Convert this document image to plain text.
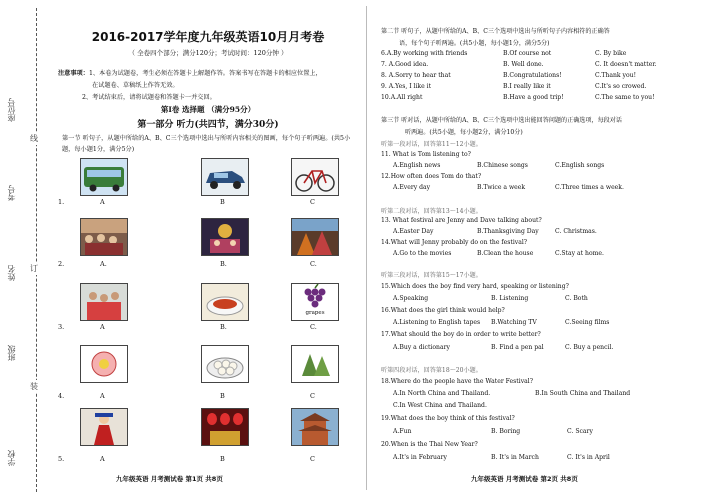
座位号
考号
姓名
班级
学校
线
订
装
2016-2017学年度九年级英语10月月考卷
（ 全卷四个部分；满分120分；考试时间：120分钟 ）
注意事项：1、本卷为试题卷，考生必须在答题卡上解题作答。答案书写在答题卡的相应位置上，
在试题卷、草稿纸上作答无效。
2、考试结束后，请将试题卷和答题卡一并交回。
第Ⅰ卷 选择题 （满分95分）
第一部分 听力(共四节，满分30分)
第一节 听句子，从题中所给的A、B、C三个选项中选出与所听内容相关的图画，每个句子听两遍。(共5小题，每小题1分，满分5分)
1.	A	B	C
2.	A.	B.	C.
grapes
3.	A	B.	C.
4.	A	B	C
5.	A	B	C
九年级英语 月考测试卷 第1页 共8页
第二节 听句子，从题中所给的A、B、C三个选项中选出与所听句子内容相符的正确答
语，每个句子听两遍。(共5小题，每小题1分，满分5分)
6.A.By working with friends	B.Of course not	C. By bike
7. A.Good idea.	B. Well done.	C. It doesn't matter.
8. A.Sorry to hear that	B.Congratulations!	C.Thank you!
9. A.Yes, I like it	B.I really like it	C.It's so crowed.
10.A.All right	B.Have a good trip!	C.The same to you!
第三节 听对话，从题中所给的A、B、C三个选项中选出能回答问题的正确选项，每段对话
听两遍。(共5小题，每小题2分，满分10分)
听第一段对话，回答第11～12小题。
11. What is Tom listening to?
A.English news	B.Chinese songs	C.English songs
12.How often does Tom do that?
A.Every day	B.Twice a week	C.Three times a week.
听第二段对话，回答第13～14小题。
13. What festival are Jenny and Dave talking about?
A.Easter Day	B.Thanksgiving Day	C. Christmas.
14.What will Jenny probably do on the festival?
A.Go to the movies	B.Clean the house	C.Stay at home.
听第三段对话，回答第15～17小题。
15.Which does the boy find very hard, speaking or listening?
A.Speaking	B. Listening	C. Both
16.What does the girl think would help?
A.Listening to English tapes B.Watching TV	C.Seeing films
17.What should the boy do in order to write better?
A.Buy a dictionary	B. Find a pen pal	C. Buy a pencil.
听第四段对话，回答第18～20小题。
18.Where do the people have the Water Festival?
A.In North China and Thailand.	B.In South China and Thailand
C.In West China and Thailand.
19.What does the boy think of this festival?
A.Fun	B. Boring	C. Scary
20.When is the Thai New Year?
A.It's in February	B. It's in March	C. It's in April
九年级英语 月考测试卷 第2页 共8页
